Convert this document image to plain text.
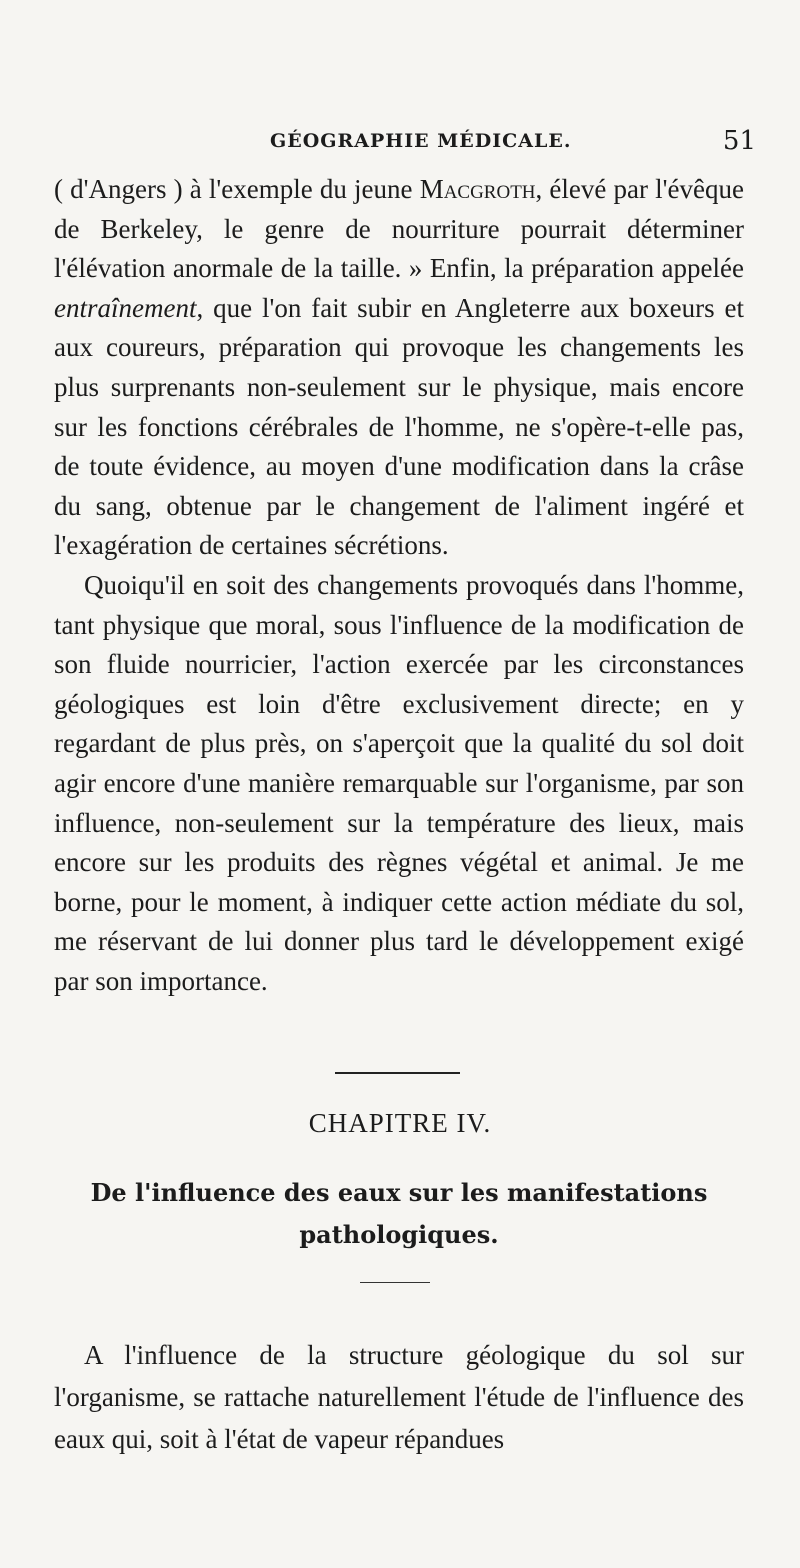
GÉOGRAPHIE MÉDICALE.	51

( d'Angers ) à l'exemple du jeune Macgroth, élevé par l'évêque de Berkeley, le genre de nourriture pourrait déterminer l'élévation anormale de la taille. » Enfin, la préparation appelée entraînement, que l'on fait subir en Angleterre aux boxeurs et aux coureurs, préparation qui provoque les changements les plus surprenants non-seulement sur le physique, mais encore sur les fonctions cérébrales de l'homme, ne s'opère-t-elle pas, de toute évidence, au moyen d'une modification dans la crâse du sang, obtenue par le changement de l'aliment ingéré et l'exagération de certaines sécrétions.

Quoiqu'il en soit des changements provoqués dans l'homme, tant physique que moral, sous l'influence de la modification de son fluide nourricier, l'action exercée par les circonstances géologiques est loin d'être exclusivement directe; en y regardant de plus près, on s'aperçoit que la qualité du sol doit agir encore d'une manière remarquable sur l'organisme, par son influence, non-seulement sur la température des lieux, mais encore sur les produits des règnes végétal et animal. Je me borne, pour le moment, à indiquer cette action médiate du sol, me réservant de lui donner plus tard le développement exigé par son importance.

CHAPITRE IV.
De l'influence des eaux sur les manifestations pathologiques.

A l'influence de la structure géologique du sol sur l'organisme, se rattache naturellement l'étude de l'influence des eaux qui, soit à l'état de vapeur répandues
